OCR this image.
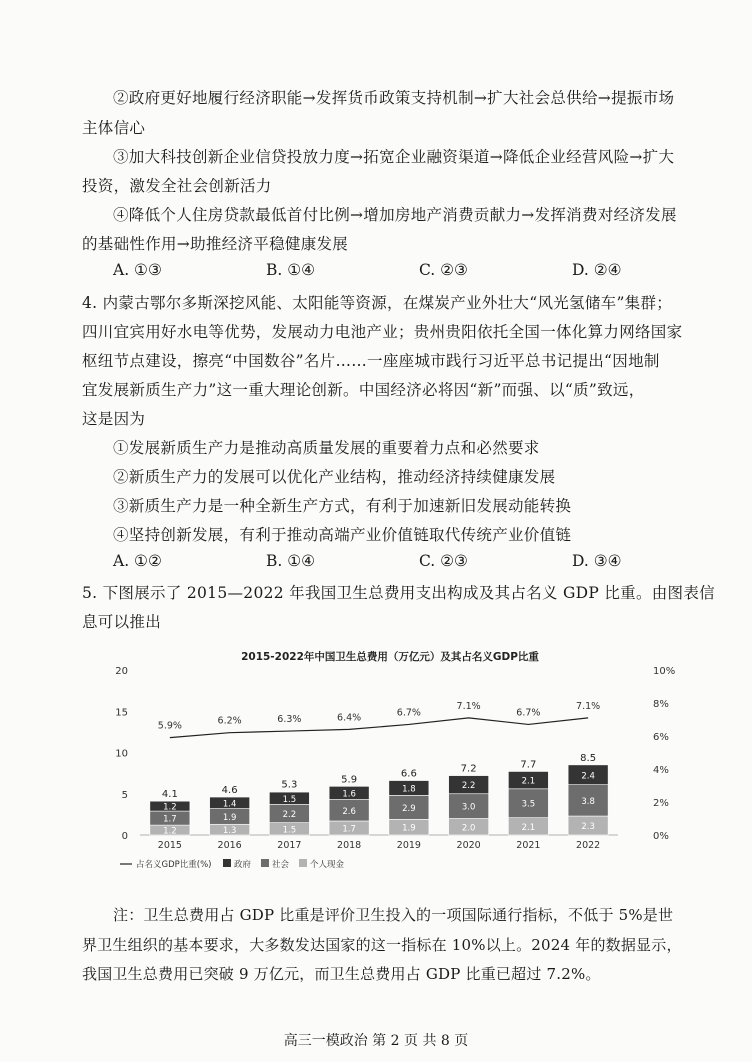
②政府更好地履行经济职能→发挥货币政策支持机制→扩大社会总供给→提振市场
主体信心
③加大科技创新企业信贷投放力度→拓宽企业融资渠道→降低企业经营风险→扩大
投资，激发全社会创新活力
④降低个人住房贷款最低首付比例→增加房地产消费贡献力→发挥消费对经济发展
的基础性作用→助推经济平稳健康发展
A. ①③	B. ①④	C. ②③	D. ②④
4. 内蒙古鄂尔多斯深挖风能、太阳能等资源，在煤炭产业外壮大“风光氢储车”集群；
四川宜宾用好水电等优势，发展动力电池产业；贵州贵阳依托全国一体化算力网络国家
枢纽节点建设，擦亮“中国数谷”名片……一座座城市践行习近平总书记提出“因地制
宜发展新质生产力”这一重大理论创新。中国经济必将因“新”而强、以“质”致远，
这是因为
①发展新质生产力是推动高质量发展的重要着力点和必然要求
②新质生产力的发展可以优化产业结构，推动经济持续健康发展
③新质生产力是一种全新生产方式，有利于加速新旧发展动能转换
④坚持创新发展，有利于推动高端产业价值链取代传统产业价值链
A. ①②	B. ①④	C. ②③	D. ③④
5. 下图展示了 2015—2022 年我国卫生总费用支出构成及其占名义 GDP 比重。由图表信
息可以推出
2015-2022年中国卫生总费用（万亿元）及其占名义GDP比重
0
5
10
15
20
0%
2%
4%
6%
8%
10%
1.2
1.7
1.2
4.1
2015
1.3
1.9
1.4
4.6
2016
1.5
2.2
1.5
5.3
2017
1.7
2.6
1.6
5.9
2018
1.9
2.9
1.8
6.6
2019
2.0
3.0
2.2
7.2
2020
2.1
3.5
2.1
7.7
2021
2.3
3.8
2.4
8.5
2022
5.9%	6.2%	6.3%	6.4%	6.7%
7.1%
6.7%
7.1%
占名义GDP比重(%)	政府 社会 个人现金
注：卫生总费用占 GDP 比重是评价卫生投入的一项国际通行指标，不低于 5%是世
界卫生组织的基本要求，大多数发达国家的这一指标在 10%以上。2024 年的数据显示，
我国卫生总费用已突破 9 万亿元，而卫生总费用占 GDP 比重已超过 7.2%。
高三一模政治 第 2 页 共 8 页
